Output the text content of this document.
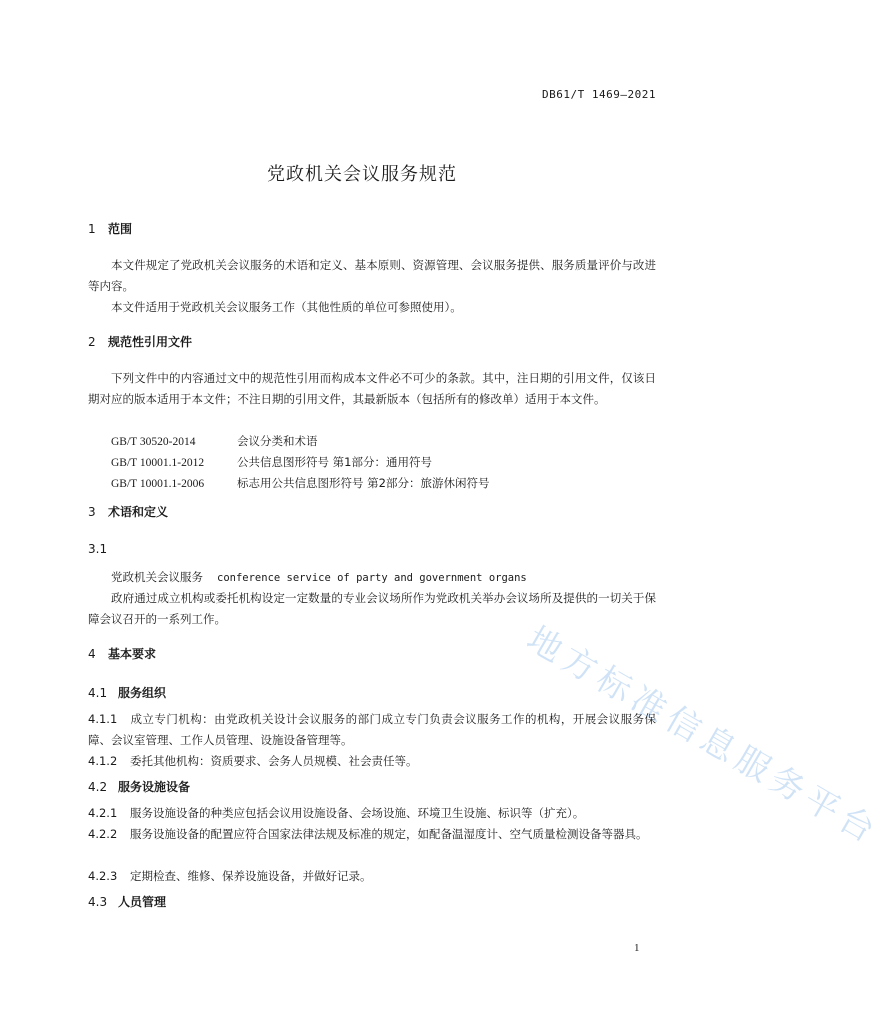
DB61/T 1469—2021
党政机关会议服务规范
1 范围
本文件规定了党政机关会议服务的术语和定义、基本原则、资源管理、会议服务提供、服务质量评价与改进等内容。
本文件适用于党政机关会议服务工作（其他性质的单位可参照使用）。
2 规范性引用文件
下列文件中的内容通过文中的规范性引用而构成本文件必不可少的条款。其中，注日期的引用文件，仅该日期对应的版本适用于本文件；不注日期的引用文件，其最新版本（包括所有的修改单）适用于本文件。
GB/T 30520-2014	会议分类和术语
GB/T 10001.1-2012	公共信息图形符号 第1部分：通用符号
GB/T 10001.1-2006	标志用公共信息图形符号 第2部分：旅游休闲符号
3 术语和定义
3.1
党政机关会议服务 conference service of party and government organs
政府通过成立机构或委托机构设定一定数量的专业会议场所作为党政机关举办会议场所及提供的一切关于保障会议召开的一系列工作。
4 基本要求
4.1 服务组织
4.1.1 成立专门机构：由党政机关设计会议服务的部门成立专门负责会议服务工作的机构，开展会议服务保障、会议室管理、工作人员管理、设施设备管理等。
4.1.2 委托其他机构：资质要求、会务人员规模、社会责任等。
4.2 服务设施设备
4.2.1 服务设施设备的种类应包括会议用设施设备、会场设施、环境卫生设施、标识等（扩充）。
4.2.2 服务设施设备的配置应符合国家法律法规及标准的规定，如配备温湿度计、空气质量检测设备等器具。
4.2.3 定期检查、维修、保养设施设备，并做好记录。
4.3 人员管理
1
地方标准信息服务平台
